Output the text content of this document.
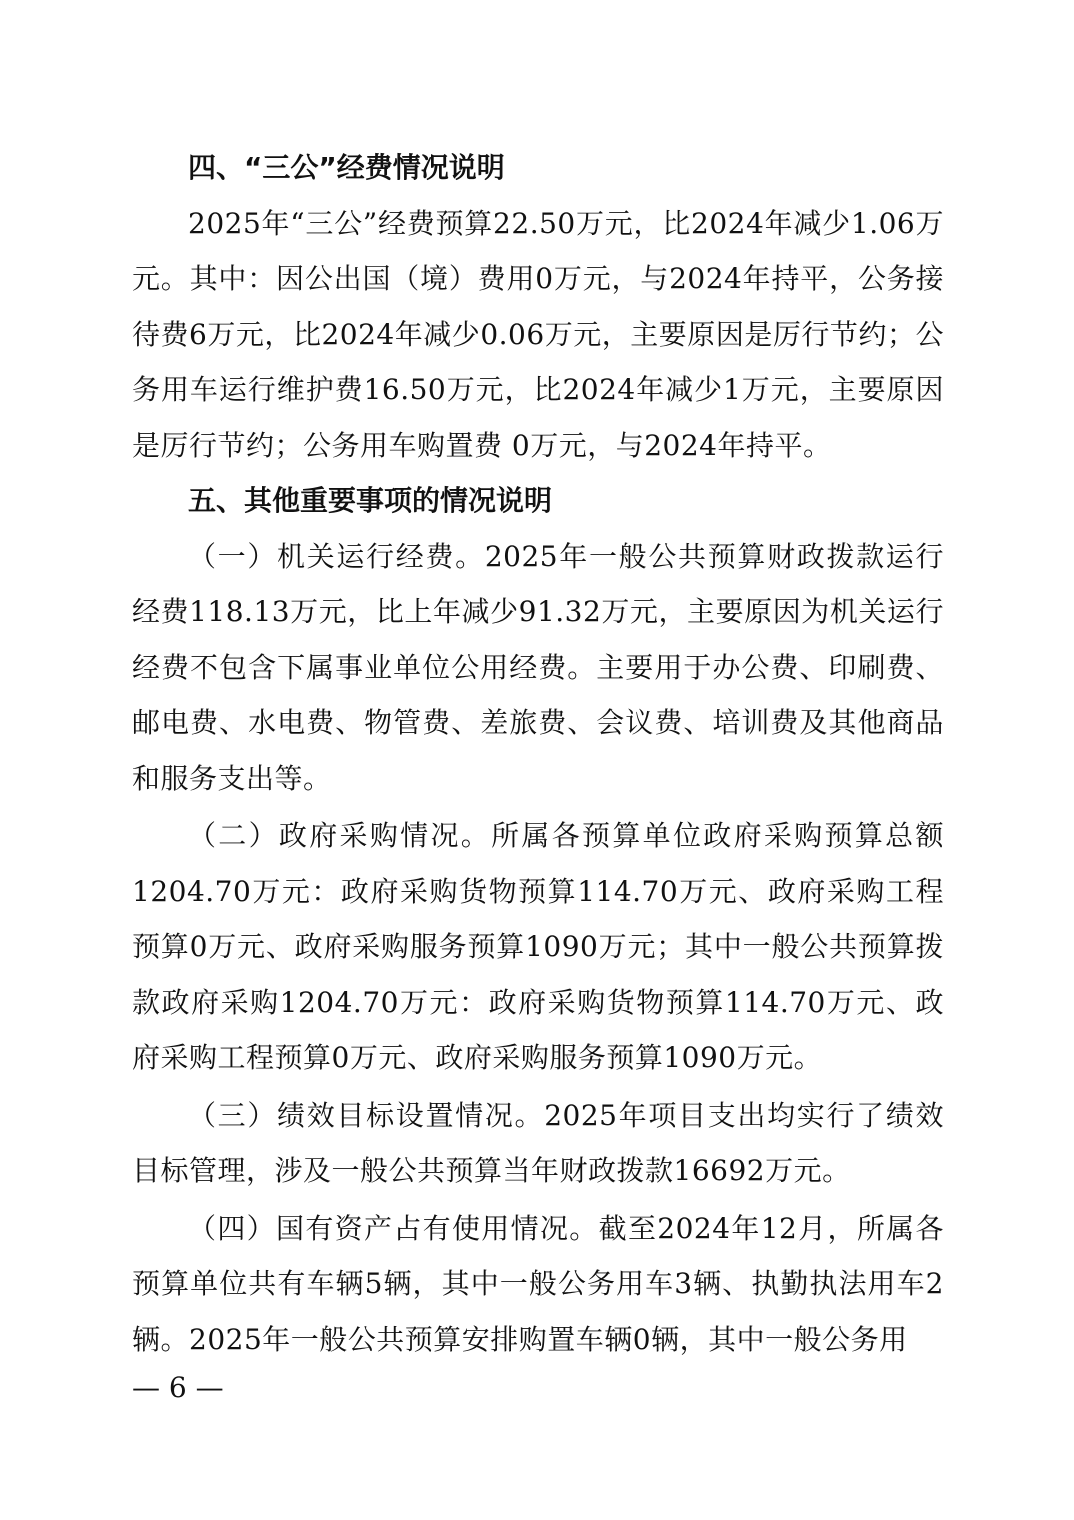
四、“三公”经费情况说明

2025年“三公”经费预算22.50万元，比2024年减少1.06万元。其中：因公出国（境）费用0万元，与2024年持平，公务接待费6万元，比2024年减少0.06万元，主要原因是厉行节约；公务用车运行维护费16.50万元，比2024年减少1万元，主要原因是厉行节约；公务用车购置费 0万元，与2024年持平。

五、其他重要事项的情况说明

（一）机关运行经费。2025年一般公共预算财政拨款运行经费118.13万元，比上年减少91.32万元，主要原因为机关运行经费不包含下属事业单位公用经费。主要用于办公费、印刷费、邮电费、水电费、物管费、差旅费、会议费、培训费及其他商品和服务支出等。

（二）政府采购情况。所属各预算单位政府采购预算总额1204.70万元：政府采购货物预算114.70万元、政府采购工程预算0万元、政府采购服务预算1090万元；其中一般公共预算拨款政府采购1204.70万元：政府采购货物预算114.70万元、政府采购工程预算0万元、政府采购服务预算1090万元。

（三）绩效目标设置情况。2025年项目支出均实行了绩效目标管理，涉及一般公共预算当年财政拨款16692万元。

（四）国有资产占有使用情况。截至2024年12月，所属各预算单位共有车辆5辆，其中一般公务用车3辆、执勤执法用车2辆。2025年一般公共预算安排购置车辆0辆，其中一般公务用

— 6 —
